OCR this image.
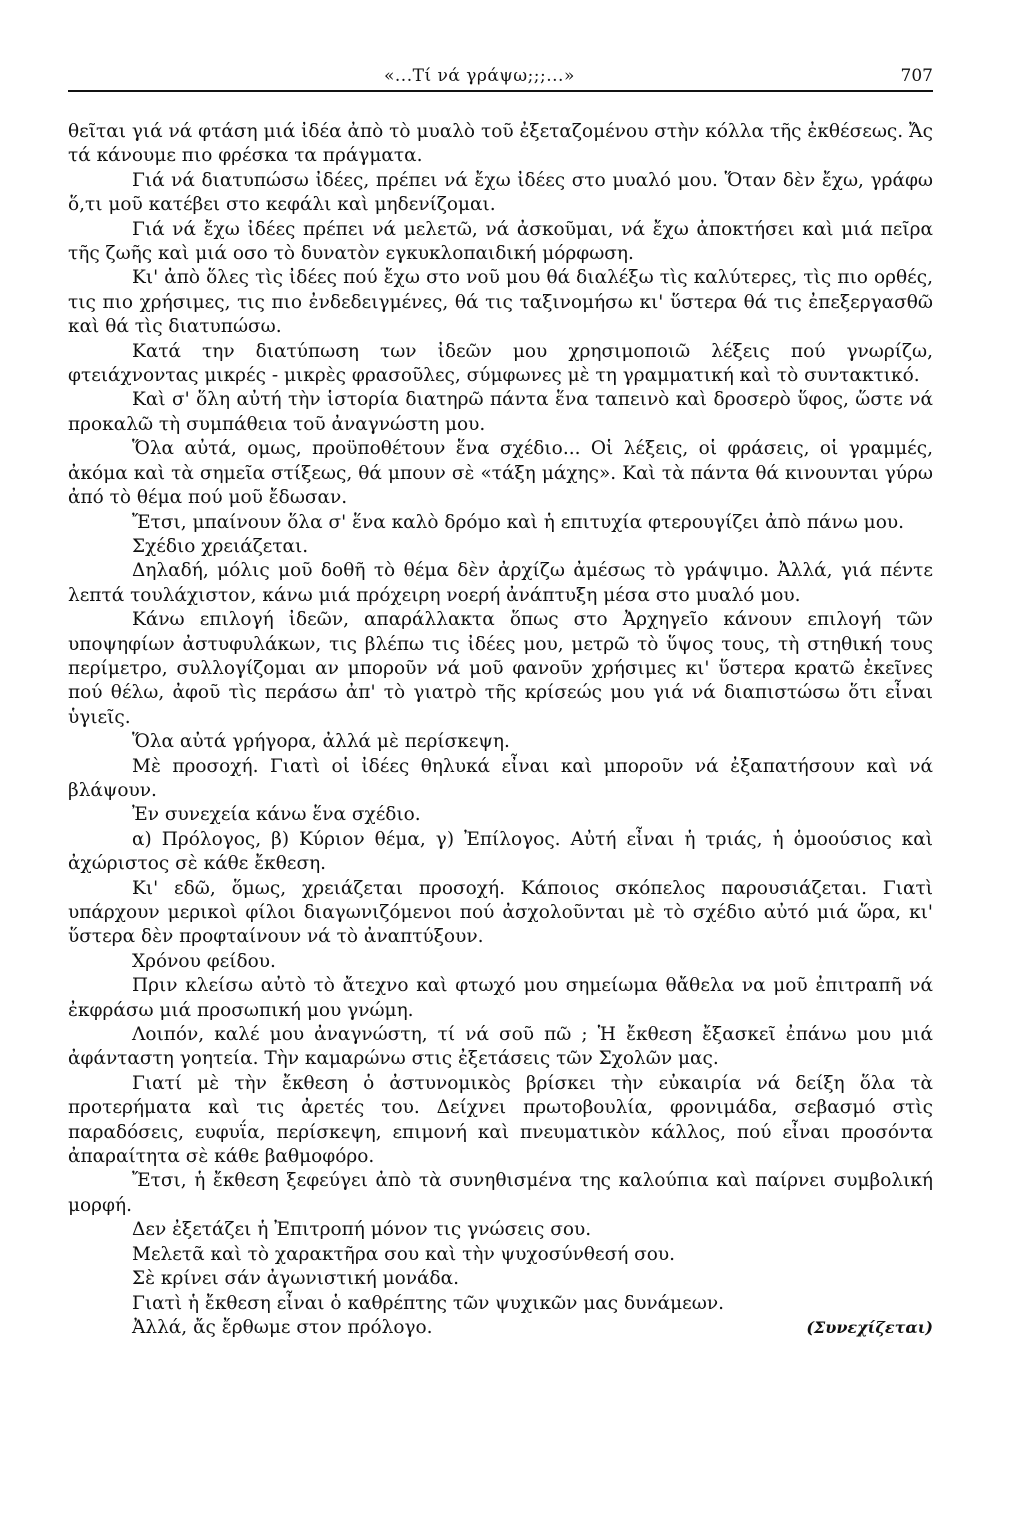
«...Τί νά γράψω;;;...»	707

θεῖται γιά νά φτάση μιά ἰδέα ἀπὸ τὸ μυαλὸ τοῦ ἐξεταζομένου στὴν κόλλα τῆς ἐκθέσεως. Ἄς τά κάνουμε πιο φρέσκα τα πράγματα.

Γιά νά διατυπώσω ἰδέες, πρέπει νά ἔχω ἰδέες στο μυαλό μου. Ὅταν δὲν ἔχω, γράφω ὅ,τι μοῦ κατέβει στο κεφάλι καὶ μηδενίζομαι.

Γιά νά ἔχω ἰδέες πρέπει νά μελετῶ, νά ἀσκοῦμαι, νά ἔχω ἀποκτήσει καὶ μιά πεῖρα τῆς ζωῆς καὶ μιά οσο τὸ δυνατὸν εγκυκλοπαιδική μόρφωση.

Κι' ἀπὸ ὅλες τὶς ἰδέες πού ἔχω στο νοῦ μου θά διαλέξω τὶς καλύτερες, τὶς πιο ορθές, τις πιο χρήσιμες, τις πιο ἐνδεδειγμένες, θά τις ταξινομήσω κι' ὕστερα θά τις ἐπεξεργασθῶ καὶ θά τὶς διατυπώσω.

Κατά την διατύπωση των ἰδεῶν μου χρησιμοποιῶ λέξεις πού γνωρίζω, φτειάχνοντας μικρές - μικρὲς φρασοῦλες, σύμφωνες μὲ τη γραμματική καὶ τὸ συντακτικό.

Καὶ σ' ὅλη αὐτή τὴν ἱστορία διατηρῶ πάντα ἕνα ταπεινὸ καὶ δροσερὸ ὕφος, ὥστε νά προκαλῶ τὴ συμπάθεια τοῦ ἀναγνώστη μου.

Ὅλα αὐτά, ομως, προϋποθέτουν ἕνα σχέδιο... Οἱ λέξεις, οἱ φράσεις, οἱ γραμμές, ἀκόμα καὶ τὰ σημεῖα στίξεως, θά μπουν σὲ «τάξη μάχης». Καὶ τὰ πάντα θά κινουνται γύρω ἀπό τὸ θέμα πού μοῦ ἔδωσαν.

Ἔτσι, μπαίνουν ὅλα σ' ἕνα καλὸ δρόμο καὶ ἡ επιτυχία φτερουγίζει ἀπὸ πάνω μου.

Σχέδιο χρειάζεται.

Δηλαδή, μόλις μοῦ δοθῆ τὸ θέμα δὲν ἀρχίζω ἀμέσως τὸ γράψιμο. Ἀλλά, γιά πέντε λεπτά τουλάχιστον, κάνω μιά πρόχειρη νοερή ἀνάπτυξη μέσα στο μυαλό μου.

Κάνω επιλογή ἰδεῶν, απαράλλακτα ὅπως στο Ἀρχηγεῖο κάνουν επιλογή τῶν υποψηφίων ἀστυφυλάκων, τις βλέπω τις ἰδέες μου, μετρῶ τὸ ὕψος τους, τὴ στηθική τους περίμετρο, συλλογίζομαι αν μποροῦν νά μοῦ φανοῦν χρήσιμες κι' ὕστερα κρατῶ ἐκεῖνες πού θέλω, ἀφοῦ τὶς περάσω ἀπ' τὸ γιατρὸ τῆς κρίσεώς μου γιά νά διαπιστώσω ὅτι εἶναι ὑγιεῖς.

Ὅλα αὐτά γρήγορα, ἀλλά μὲ περίσκεψη.

Μὲ προσοχή. Γιατὶ οἱ ἰδέες θηλυκά εἶναι καὶ μποροῦν νά ἐξαπατήσουν καὶ νά βλάψουν.

Ἐν συνεχεία κάνω ἕνα σχέδιο.

α) Πρόλογος, β) Κύριον θέμα, γ) Ἐπίλογος. Αὐτή εἶναι ἡ τριάς, ἡ ὁμοούσιος καὶ ἀχώριστος σὲ κάθε ἔκθεση.

Κι' εδῶ, ὅμως, χρειάζεται προσοχή. Κάποιος σκόπελος παρουσιάζεται. Γιατὶ υπάρχουν μερικοὶ φίλοι διαγωνιζόμενοι πού ἀσχολοῦνται μὲ τὸ σχέδιο αὐτό μιά ὥρα, κι' ὕστερα δὲν προφταίνουν νά τὸ ἀναπτύξουν.

Χρόνου φείδου.

Πριν κλείσω αὐτὸ τὸ ἄτεχνο καὶ φτωχό μου σημείωμα θἄθελα να μοῦ ἐπιτραπῆ νά ἐκφράσω μιά προσωπική μου γνώμη.

Λοιπόν, καλέ μου ἀναγνώστη, τί νά σοῦ πῶ ; Ἡ ἔκθεση ἔξασκεῖ ἐπάνω μου μιά ἀφάνταστη γοητεία. Τὴν καμαρώνω στις ἐξετάσεις τῶν Σχολῶν μας.

Γιατί μὲ τὴν ἔκθεση ὁ ἀστυνομικὸς βρίσκει τὴν εὐκαιρία νά δείξη ὅλα τὰ προτερήματα καὶ τις ἀρετές του. Δείχνει πρωτοβουλία, φρονιμάδα, σεβασμό στὶς παραδόσεις, ευφυΐα, περίσκεψη, επιμονή καὶ πνευματικὸν κάλλος, πού εἶναι προσόντα ἀπαραίτητα σὲ κάθε βαθμοφόρο.

Ἔτσι, ἡ ἔκθεση ξεφεύγει ἀπὸ τὰ συνηθισμένα της καλούπια καὶ παίρνει συμβολική μορφή.

Δεν ἐξετάζει ἡ Ἐπιτροπή μόνον τις γνώσεις σου.

Μελετᾶ καὶ τὸ χαρακτῆρα σου καὶ τὴν ψυχοσύνθεσή σου.

Σὲ κρίνει σάν ἀγωνιστική μονάδα.

Γιατὶ ἡ ἔκθεση εἶναι ὁ καθρέπτης τῶν ψυχικῶν μας δυνάμεων.

Ἀλλά, ἄς ἔρθωμε στον πρόλογο.	(Συνεχίζεται)
